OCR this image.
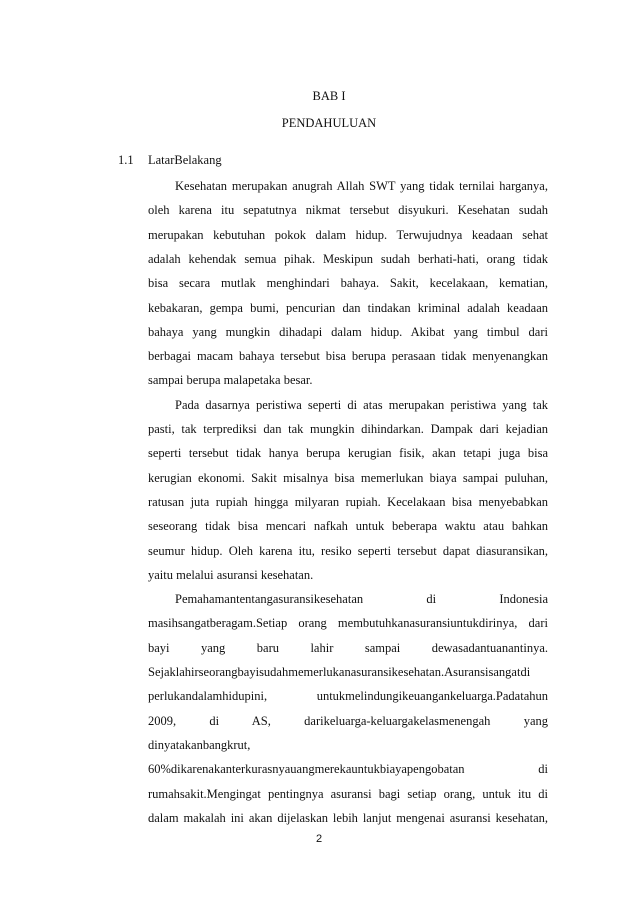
BAB I
PENDAHULUAN
1.1 LatarBelakang
Kesehatan merupakan anugrah Allah SWT yang tidak ternilai harganya,
oleh karena itu sepatutnya nikmat tersebut disyukuri. Kesehatan sudah
merupakan kebutuhan pokok dalam hidup. Terwujudnya keadaan sehat
adalah kehendak semua pihak. Meskipun sudah berhati-hati, orang tidak
bisa secara mutlak menghindari bahaya. Sakit, kecelakaan, kematian,
kebakaran, gempa bumi, pencurian dan tindakan kriminal adalah keadaan
bahaya yang mungkin dihadapi dalam hidup. Akibat yang timbul dari
berbagai macam bahaya tersebut bisa berupa perasaan tidak menyenangkan
sampai berupa malapetaka besar.
Pada dasarnya peristiwa seperti di atas merupakan peristiwa yang tak
pasti, tak terprediksi dan tak mungkin dihindarkan. Dampak dari kejadian
seperti tersebut tidak hanya berupa kerugian fisik, akan tetapi juga bisa
kerugian ekonomi. Sakit misalnya bisa memerlukan biaya sampai puluhan,
ratusan juta rupiah hingga milyaran rupiah. Kecelakaan bisa menyebabkan
seseorang tidak bisa mencari nafkah untuk beberapa waktu atau bahkan
seumur hidup. Oleh karena itu, resiko seperti tersebut dapat diasuransikan,
yaitu melalui asuransi kesehatan.
Pemahamantentangasuransikesehatan di Indonesia
masihsangatberagam.Setiap orang membutuhkanasuransiuntukdirinya, dari
bayi yang baru lahir sampai dewasadantuanantinya.
Sejaklahirseorangbayisudahmemerlukanasuransikesehatan.Asuransisangatdi
perlukandalamhidupini, untukmelindungikeuangankeluarga.Padatahun
2009, di AS, darikeluarga-keluargakelasmenengah yang
dinyatakanbangkrut,
60%dikarenakanterkurasnyauangmerekauntukbiayapengobatan di
rumahsakit.Mengingat pentingnya asuransi bagi setiap orang, untuk itu di
dalam makalah ini akan dijelaskan lebih lanjut mengenai asuransi kesehatan,
2
